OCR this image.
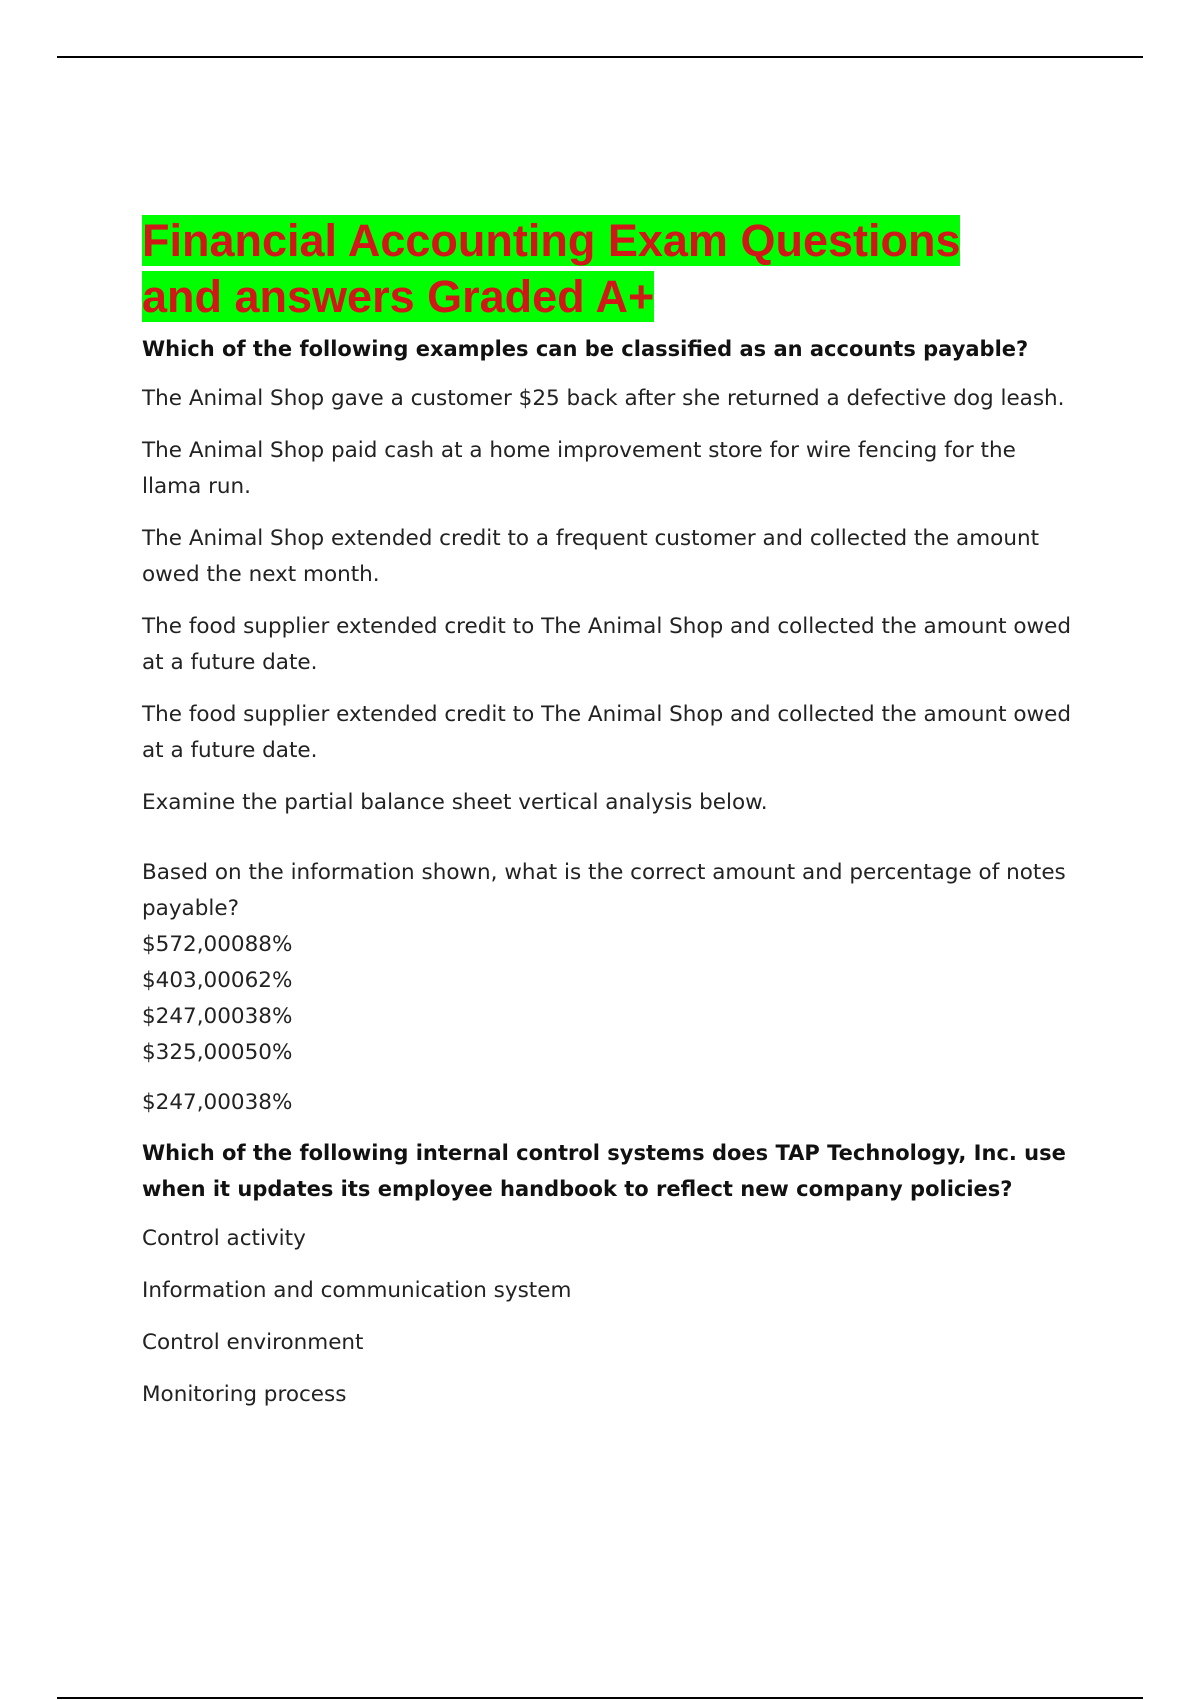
Financial Accounting Exam Questions
and answers Graded A+

Which of the following examples can be classified as an accounts payable?

The Animal Shop gave a customer $25 back after she returned a defective dog leash.

The Animal Shop paid cash at a home improvement store for wire fencing for the llama run.

The Animal Shop extended credit to a frequent customer and collected the amount owed the next month.

The food supplier extended credit to The Animal Shop and collected the amount owed at a future date.

The food supplier extended credit to The Animal Shop and collected the amount owed at a future date.

Examine the partial balance sheet vertical analysis below.

Based on the information shown, what is the correct amount and percentage of notes payable?
$572,00088%
$403,00062%
$247,00038%
$325,00050%

$247,00038%

Which of the following internal control systems does TAP Technology, Inc. use when it updates its employee handbook to reflect new company policies?

Control activity

Information and communication system

Control environment

Monitoring process
